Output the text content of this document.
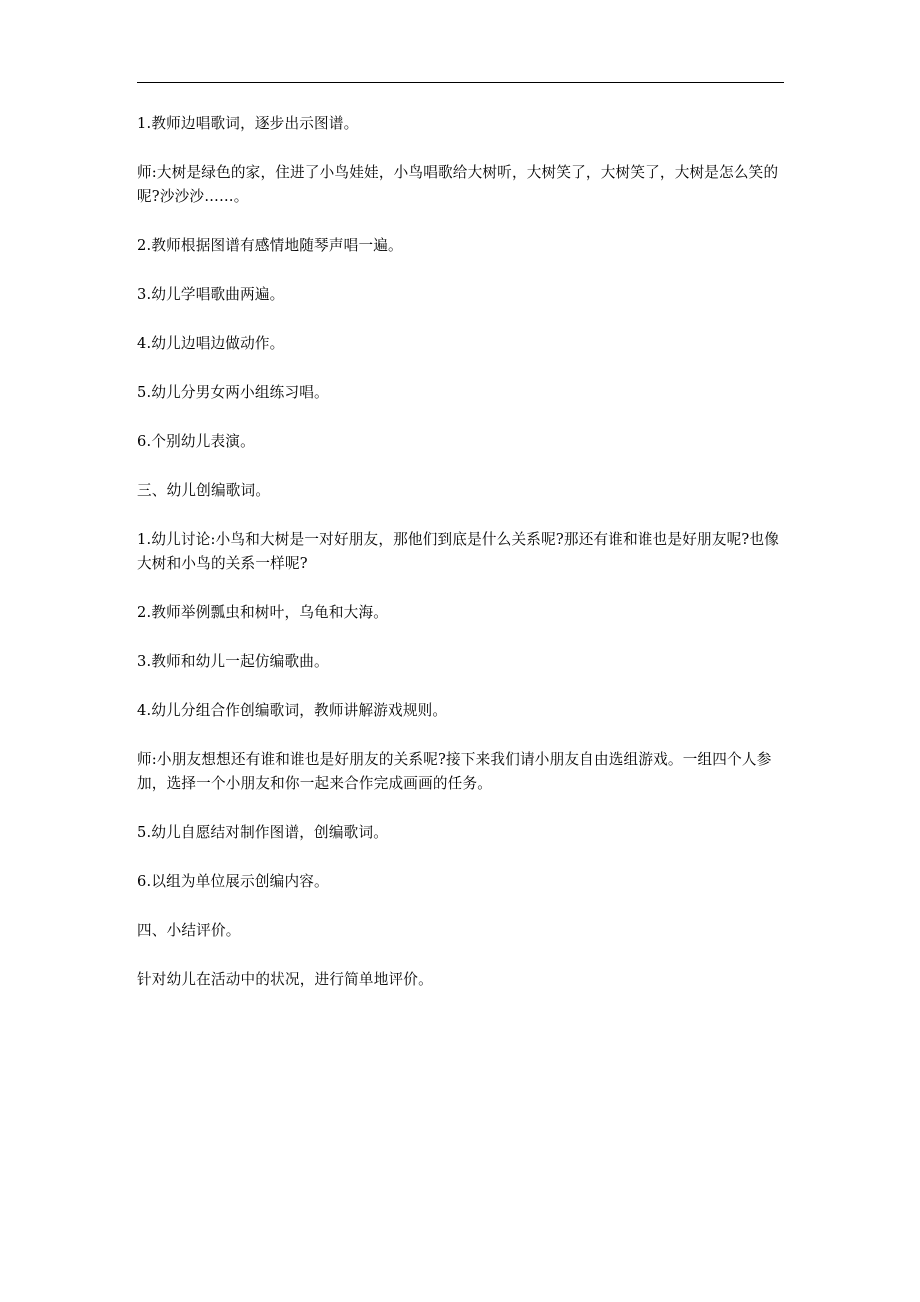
1.教师边唱歌词，逐步出示图谱。

师:大树是绿色的家，住进了小鸟娃娃，小鸟唱歌给大树听，大树笑了，大树笑了，大树是怎么笑的呢?沙沙沙……。

2.教师根据图谱有感情地随琴声唱一遍。

3.幼儿学唱歌曲两遍。

4.幼儿边唱边做动作。

5.幼儿分男女两小组练习唱。

6.个别幼儿表演。

三、幼儿创编歌词。

1.幼儿讨论:小鸟和大树是一对好朋友，那他们到底是什么关系呢?那还有谁和谁也是好朋友呢?也像大树和小鸟的关系一样呢?

2.教师举例瓢虫和树叶，乌龟和大海。

3.教师和幼儿一起仿编歌曲。

4.幼儿分组合作创编歌词，教师讲解游戏规则。

师:小朋友想想还有谁和谁也是好朋友的关系呢?接下来我们请小朋友自由选组游戏。一组四个人参加，选择一个小朋友和你一起来合作完成画画的任务。

5.幼儿自愿结对制作图谱，创编歌词。

6.以组为单位展示创编内容。

四、小结评价。

针对幼儿在活动中的状况，进行简单地评价。
